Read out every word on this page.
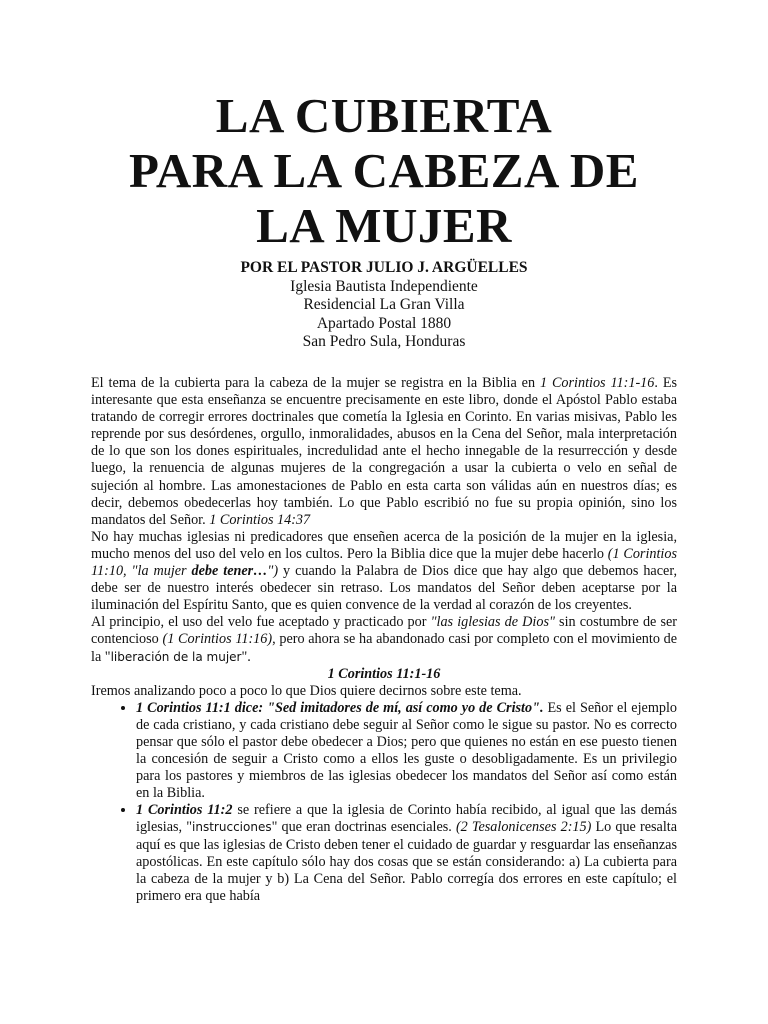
LA CUBIERTA
PARA LA CABEZA DE
LA MUJER
POR EL PASTOR JULIO J. ARGÜELLES
Iglesia Bautista Independiente
Residencial La Gran Villa
Apartado Postal 1880
San Pedro Sula, Honduras

El tema de la cubierta para la cabeza de la mujer se registra en la Biblia en 1 Corintios 11:1-16. Es interesante que esta enseñanza se encuentre precisamente en este libro, donde el Apóstol Pablo estaba tratando de corregir errores doctrinales que cometía la Iglesia en Corinto. En varias misivas, Pablo les reprende por sus desórdenes, orgullo, inmoralidades, abusos en la Cena del Señor, mala interpretación de lo que son los dones espirituales, incredulidad ante el hecho innegable de la resurrección y desde luego, la renuencia de algunas mujeres de la congregación a usar la cubierta o velo en señal de sujeción al hombre. Las amonestaciones de Pablo en esta carta son válidas aún en nuestros días; es decir, debemos obedecerlas hoy también. Lo que Pablo escribió no fue su propia opinión, sino los mandatos del Señor. 1 Corintios 14:37

No hay muchas iglesias ni predicadores que enseñen acerca de la posición de la mujer en la iglesia, mucho menos del uso del velo en los cultos. Pero la Biblia dice que la mujer debe hacerlo (1 Corintios 11:10, "la mujer debe tener…") y cuando la Palabra de Dios dice que hay algo que debemos hacer, debe ser de nuestro interés obedecer sin retraso. Los mandatos del Señor deben aceptarse por la iluminación del Espíritu Santo, que es quien convence de la verdad al corazón de los creyentes.

Al principio, el uso del velo fue aceptado y practicado por "las iglesias de Dios" sin costumbre de ser contencioso (1 Corintios 11:16), pero ahora se ha abandonado casi por completo con el movimiento de la "liberación de la mujer".

1 Corintios 11:1-16

Iremos analizando poco a poco lo que Dios quiere decirnos sobre este tema.

• 1 Corintios 11:1 dice: "Sed imitadores de mí, así como yo de Cristo". Es el Señor el ejemplo de cada cristiano, y cada cristiano debe seguir al Señor como le sigue su pastor. No es correcto pensar que sólo el pastor debe obedecer a Dios; pero que quienes no están en ese puesto tienen la concesión de seguir a Cristo como a ellos les guste o desobligadamente. Es un privilegio para los pastores y miembros de las iglesias obedecer los mandatos del Señor así como están en la Biblia.
• 1 Corintios 11:2 se refiere a que la iglesia de Corinto había recibido, al igual que las demás iglesias, "instrucciones" que eran doctrinas esenciales. (2 Tesalonicenses 2:15) Lo que resalta aquí es que las iglesias de Cristo deben tener el cuidado de guardar y resguardar las enseñanzas apostólicas. En este capítulo sólo hay dos cosas que se están considerando: a) La cubierta para la cabeza de la mujer y b) La Cena del Señor. Pablo corregía dos errores en este capítulo; el primero era que había
